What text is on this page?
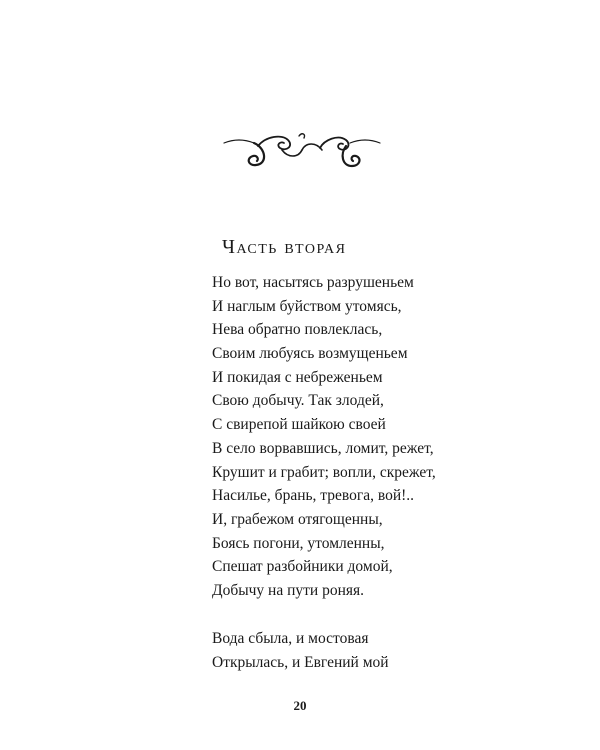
Часть вторая
Но вот, насытясь разрушеньем
И наглым буйством утомясь,
Нева обратно повлеклась,
Своим любуясь возмущеньем
И покидая с небреженьем
Свою добычу. Так злодей,
С свирепой шайкою своей
В село ворвавшись, ломит, режет,
Крушит и грабит; вопли, скрежет,
Насилье, брань, тревога, вой!..
И, грабежом отягощенны,
Боясь погони, утомленны,
Спешат разбойники домой,
Добычу на пути роняя.
Вода сбыла, и мостовая
Открылась, и Евгений мой
20
